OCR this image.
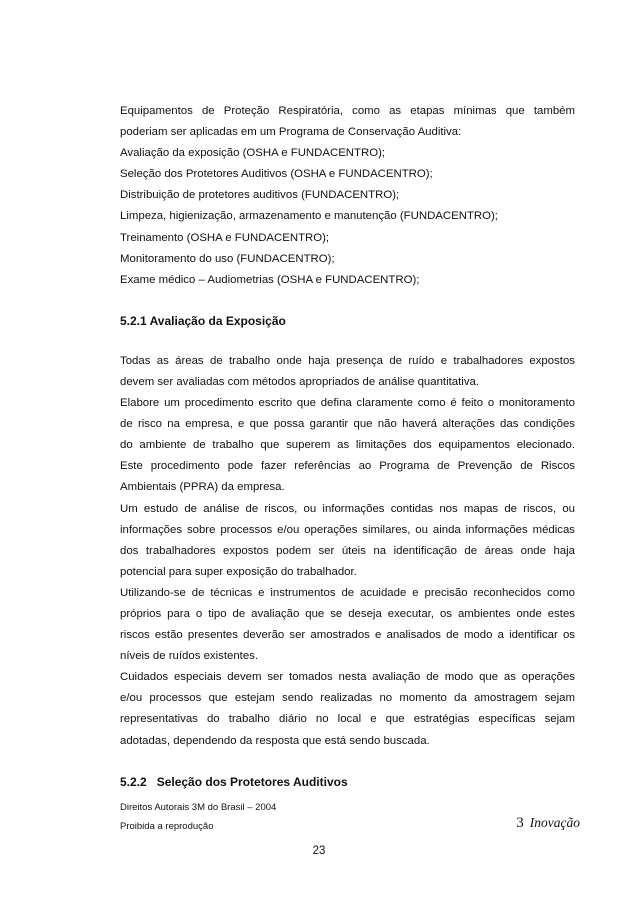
Equipamentos de Proteção Respiratória, como as etapas mínimas que também
poderiam ser aplicadas em um Programa de Conservação Auditiva:
Avaliação da exposição (OSHA e FUNDACENTRO);
Seleção dos Protetores Auditivos (OSHA e FUNDACENTRO);
Distribuição de protetores auditivos (FUNDACENTRO);
Limpeza, higienização, armazenamento e manutenção (FUNDACENTRO);
Treinamento (OSHA e FUNDACENTRO);
Monitoramento do uso (FUNDACENTRO);
Exame médico – Audiometrias (OSHA e FUNDACENTRO);
5.2.1 Avaliação da Exposição
Todas as áreas de trabalho onde haja presença de ruído e trabalhadores expostos
devem ser avaliadas com métodos apropriados de análise quantitativa.
Elabore um procedimento escrito que defina claramente como é feito o monitoramento
de risco na empresa, e que possa garantir que não haverá alterações das condições
do ambiente de trabalho que superem as limitações dos equipamentos elecionado.
Este procedimento pode fazer referências ao Programa de Prevenção de Riscos
Ambientais (PPRA) da empresa.
Um estudo de análise de riscos, ou informações contidas nos mapas de riscos, ou
informações sobre processos e/ou operações similares, ou ainda informações médicas
dos trabalhadores expostos podem ser úteis na identificação de áreas onde haja
potencial para super exposição do trabalhador.
Utilizando-se de técnicas e instrumentos de acuidade e precisão reconhecidos como
próprios para o tipo de avaliação que se deseja executar, os ambientes onde estes
riscos estão presentes deverão ser amostrados e analisados de modo a identificar os
níveis de ruídos existentes.
Cuidados especiais devem ser tomados nesta avaliação de modo que as operações
e/ou processos que estejam sendo realizadas no momento da amostragem sejam
representativas do trabalho diário no local e que estratégias específicas sejam
adotadas, dependendo da resposta que está sendo buscada.
5.2.2   Seleção dos Protetores Auditivos
Direitos Autorais 3M do Brasil – 2004
Proibida a reprodução	3 Inovação
23
